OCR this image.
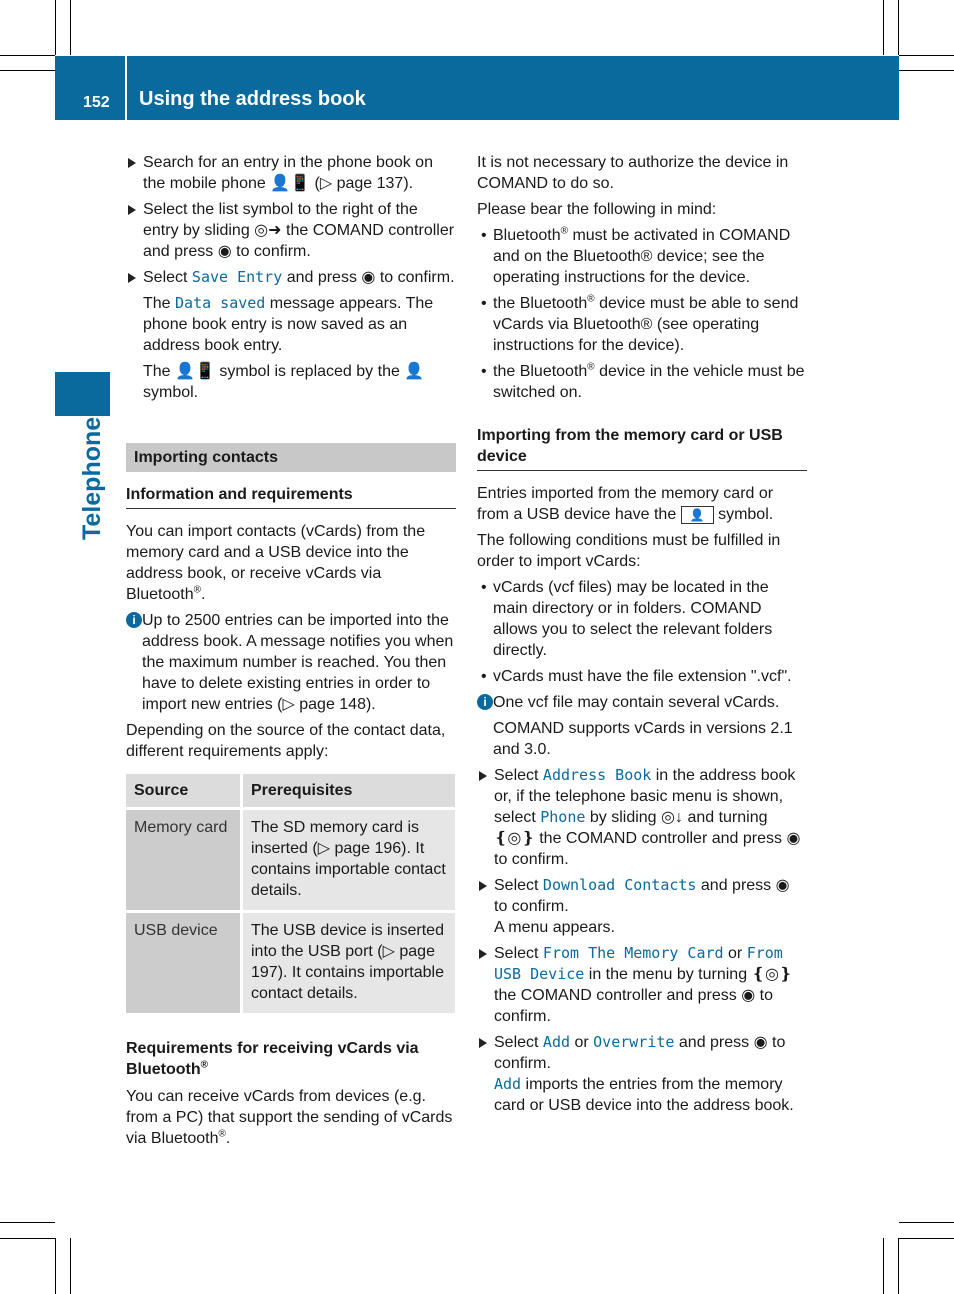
152 Using the address book
Telephone
Search for an entry in the phone book on the mobile phone 👤📱 (▷ page 137).
Select the list symbol to the right of the entry by sliding ◎➜ the COMAND controller and press ◉ to confirm.
Select Save Entry and press ◉ to confirm.

The Data saved message appears. The phone book entry is now saved as an address book entry.

The 👤📱 symbol is replaced by the 👤 symbol.

Importing contacts
Information and requirements

You can import contacts (vCards) from the memory card and a USB device into the address book, or receive vCards via Bluetooth®.

i Up to 2500 entries can be imported into the address book. A message notifies you when the maximum number is reached. You then have to delete existing entries in order to import new entries (▷ page 148).

Depending on the source of the contact data, different requirements apply:

Source	Prerequisites
Memory card	The SD memory card is inserted (▷ page 196). It contains importable contact details.
USB device	The USB device is inserted into the USB port (▷ page 197). It contains importable contact details.
Requirements for receiving vCards via Bluetooth®

You can receive vCards from devices (e.g. from a PC) that support the sending of vCards via Bluetooth®.

It is not necessary to authorize the device in COMAND to do so.

Please bear the following in mind:

• Bluetooth® must be activated in COMAND and on the Bluetooth® device; see the operating instructions for the device.
• the Bluetooth® device must be able to send vCards via Bluetooth® (see operating instructions for the device).
• the Bluetooth® device in the vehicle must be switched on.
Importing from the memory card or USB device

Entries imported from the memory card or from a USB device have the 👤 symbol.

The following conditions must be fulfilled in order to import vCards:

• vCards (vcf files) may be located in the main directory or in folders. COMAND allows you to select the relevant folders directly.
• vCards must have the file extension ".vcf".
i One vcf file may contain several vCards.

COMAND supports vCards in versions 2.1 and 3.0.

Select Address Book in the address book or, if the telephone basic menu is shown, select Phone by sliding ◎↓ and turning ❴◎❵ the COMAND controller and press ◉ to confirm.
Select Download Contacts and press ◉ to confirm.
A menu appears.
Select From The Memory Card or From USB Device in the menu by turning ❴◎❵ the COMAND controller and press ◉ to confirm.
Select Add or Overwrite and press ◉ to confirm.
Add imports the entries from the memory card or USB device into the address book.
